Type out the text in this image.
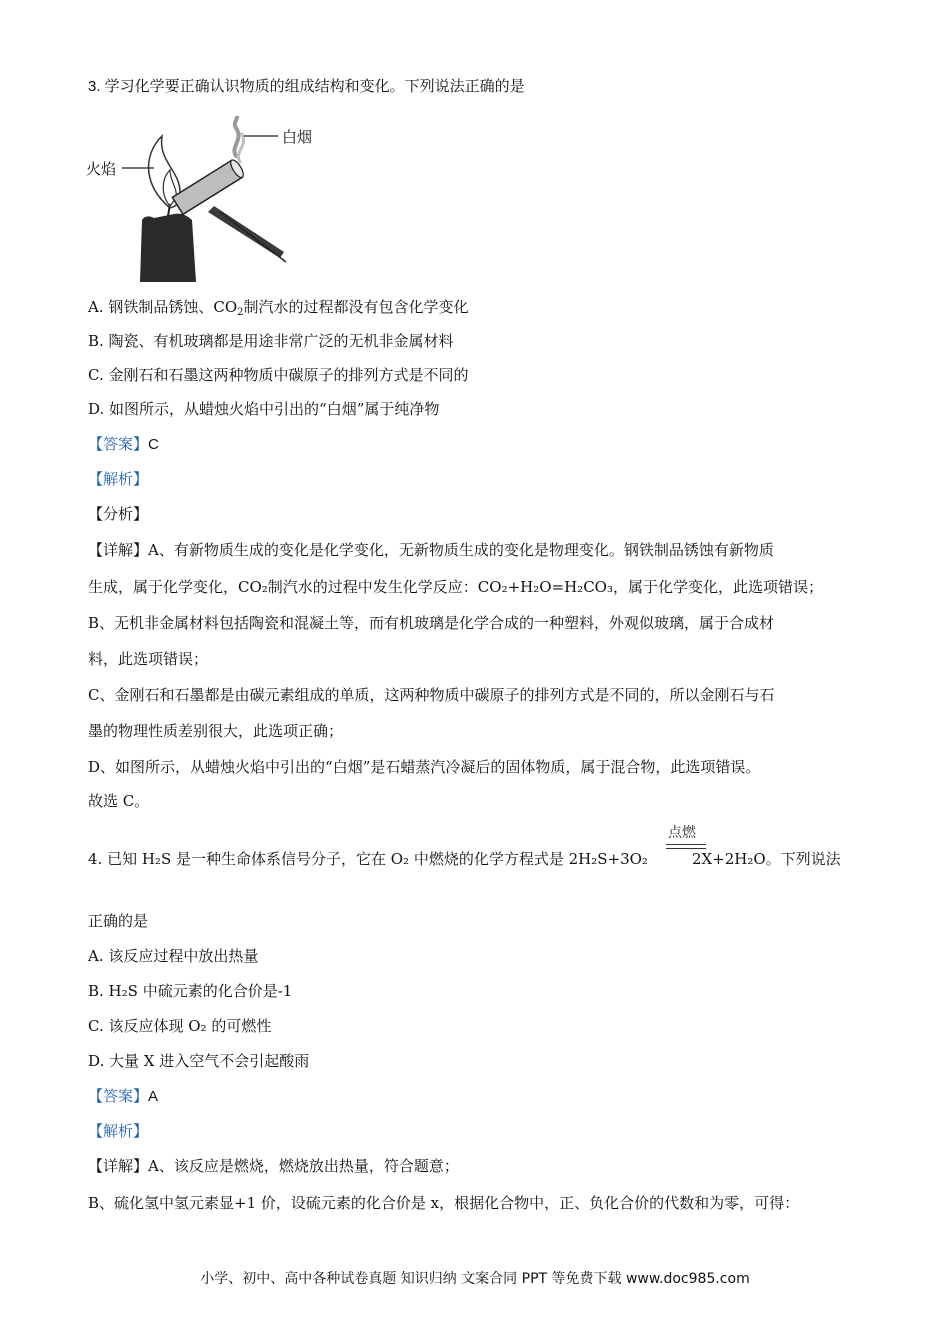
3. 学习化学要正确认识物质的组成结构和变化。下列说法正确的是
白烟
火焰
A. 钢铁制品锈蚀、$CO_2$制汽水的过程都没有包含化学变化
B. 陶瓷、有机玻璃都是用途非常广泛的无机非金属材料
C. 金刚石和石墨这两种物质中碳原子的排列方式是不同的
D. 如图所示，从蜡烛火焰中引出的“白烟”属于纯净物
【答案】C
【解析】
【分析】
【详解】A、有新物质生成的变化是化学变化，无新物质生成的变化是物理变化。钢铁制品锈蚀有新物质
生成，属于化学变化，CO₂制汽水的过程中发生化学反应：CO₂+H₂O=H₂CO₃，属于化学变化，此选项错误；
B、无机非金属材料包括陶瓷和混凝土等，而有机玻璃是化学合成的一种塑料，外观似玻璃，属于合成材
料，此选项错误；
C、金刚石和石墨都是由碳元素组成的单质，这两种物质中碳原子的排列方式是不同的，所以金刚石与石
墨的物理性质差别很大，此选项正确；
D、如图所示，从蜡烛火焰中引出的“白烟”是石蜡蒸汽冷凝后的固体物质，属于混合物，此选项错误。
故选 C。
点燃
4. 已知 H₂S 是一种生命体系信号分子，它在 O₂ 中燃烧的化学方程式是 2H₂S+3O₂	2X+2H₂O。下列说法
正确的是
A. 该反应过程中放出热量
B. H₂S 中硫元素的化合价是-1
C. 该反应体现 O₂ 的可燃性
D. 大量 X 进入空气不会引起酸雨
【答案】A
【解析】
【详解】A、该反应是燃烧，燃烧放出热量，符合题意；
B、硫化氢中氢元素显+1 价，设硫元素的化合价是 x，根据化合物中，正、负化合价的代数和为零，可得：
小学、初中、高中各种试卷真题 知识归纳 文案合同 PPT 等免费下载 www.doc985.com
